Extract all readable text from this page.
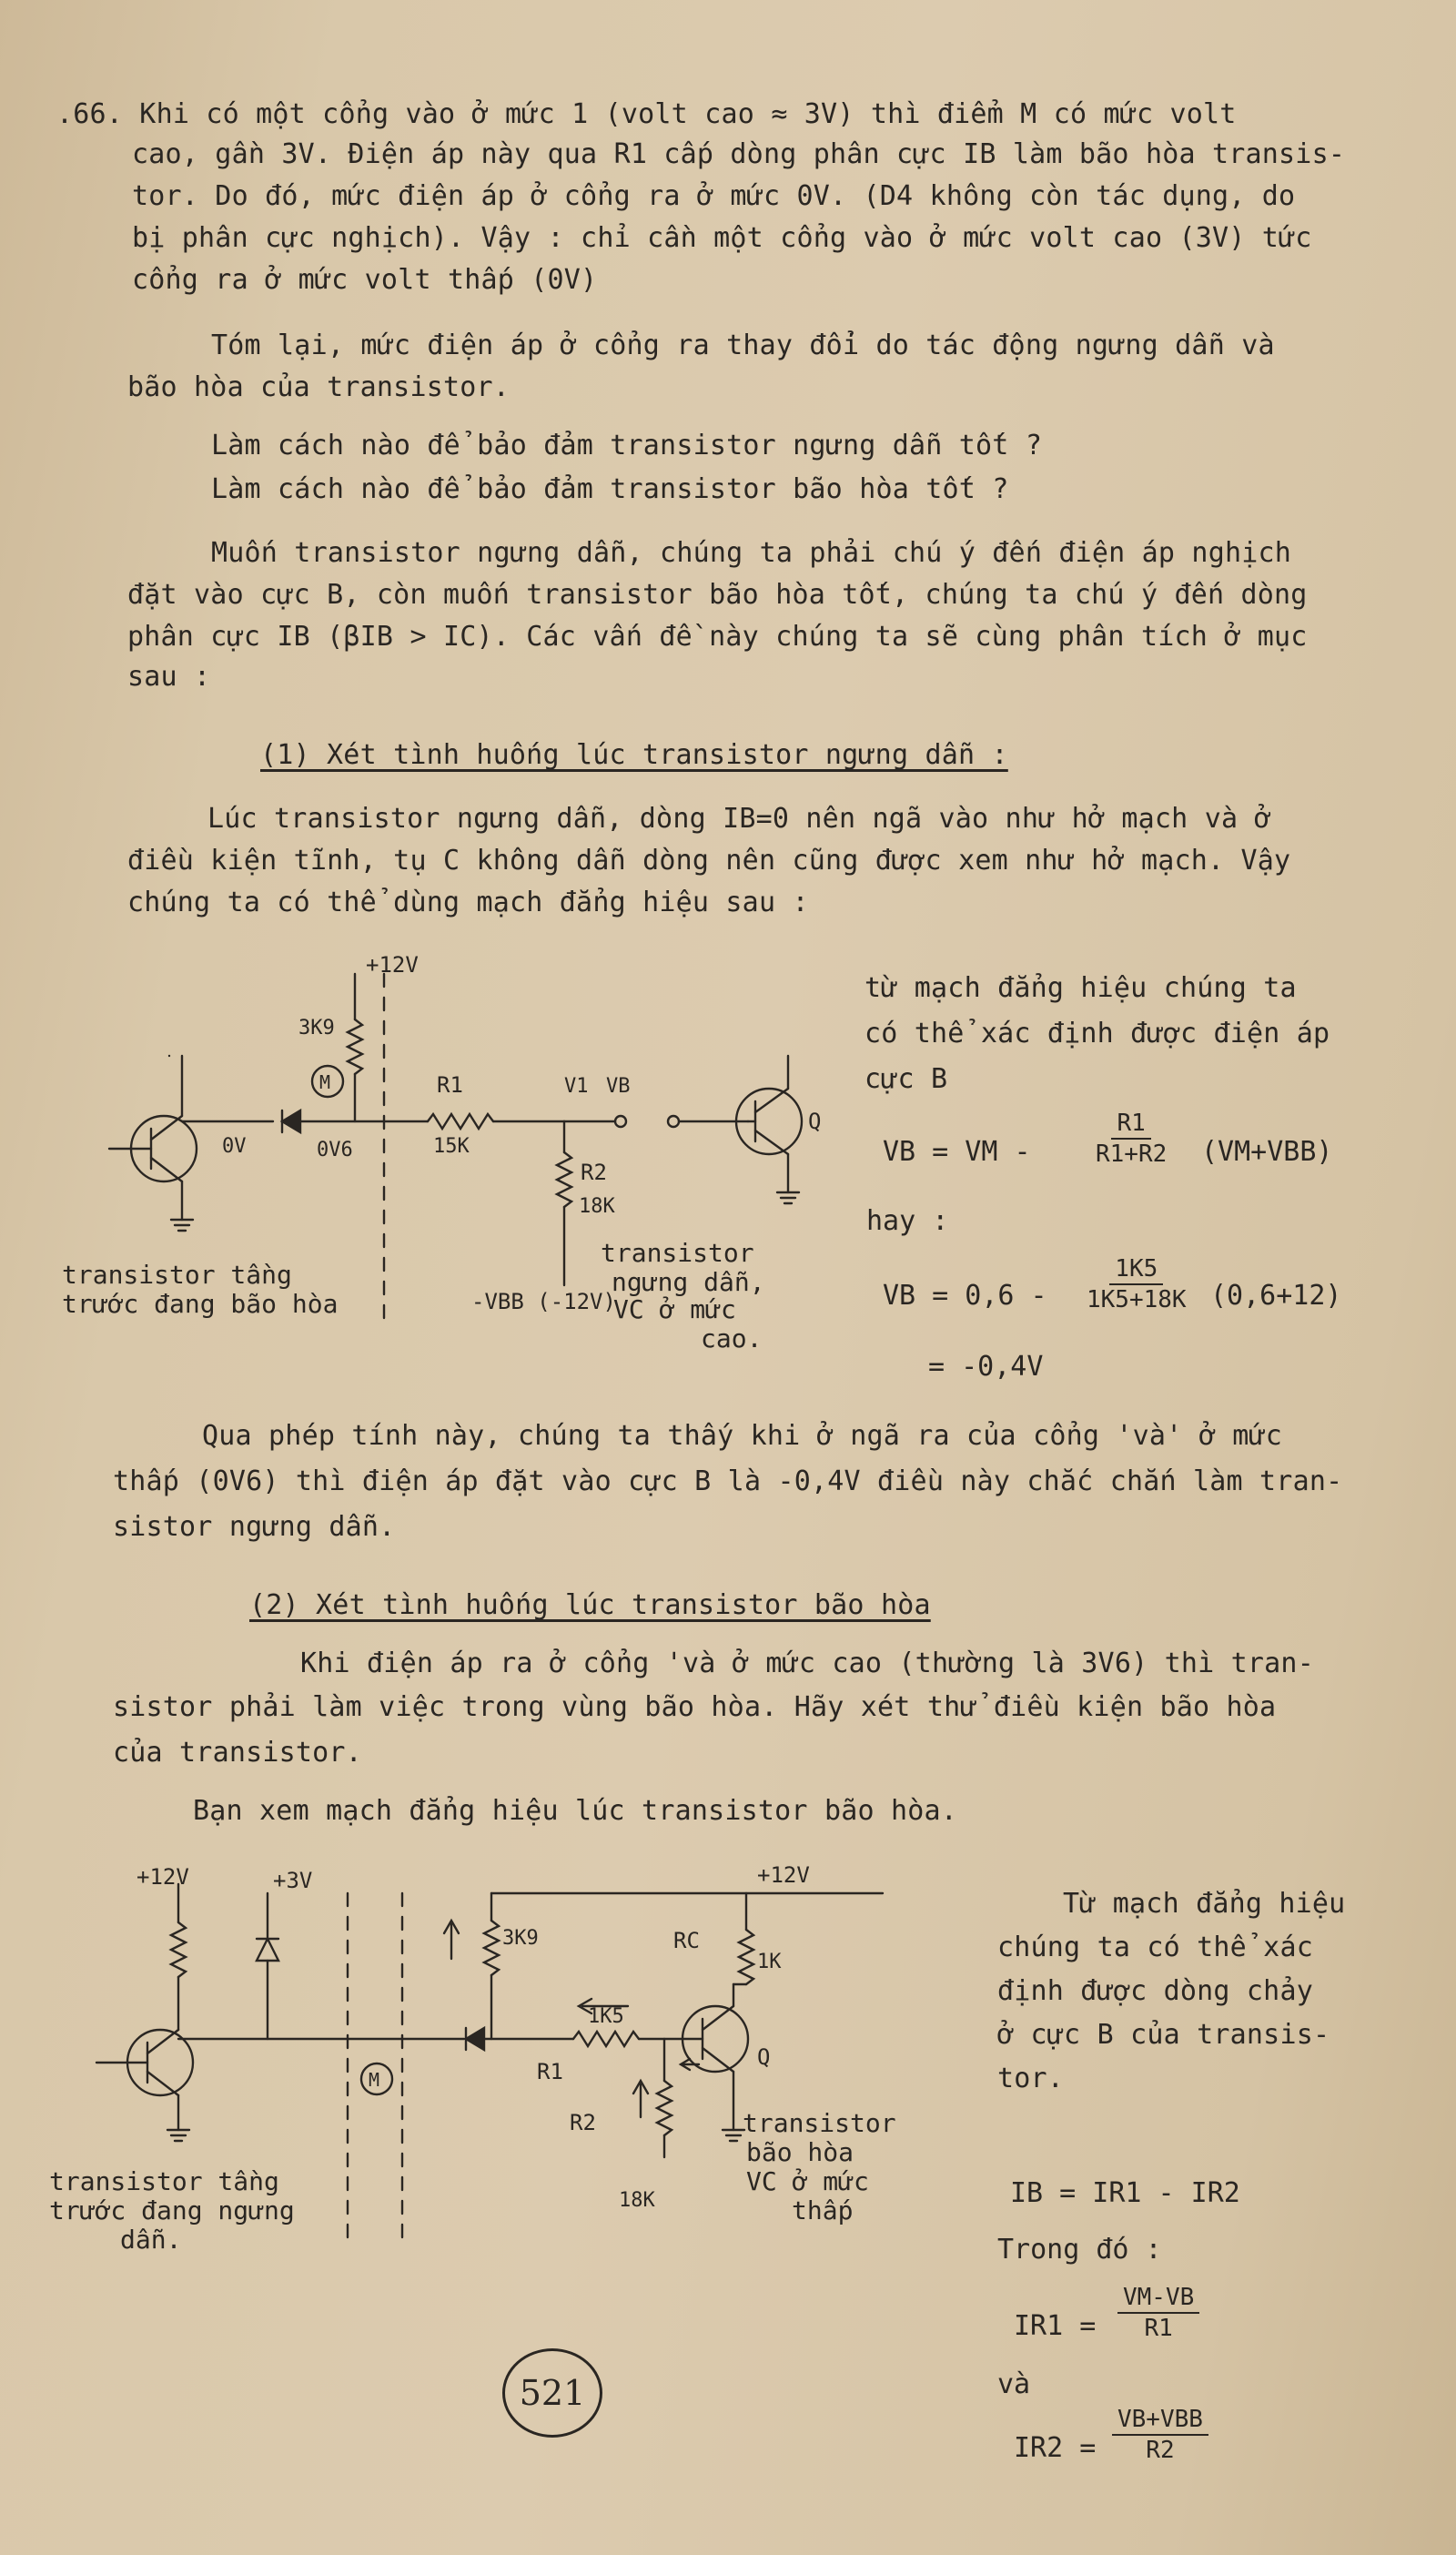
.66. Khi có một cổng vào ở mức 1 (volt cao ≈ 3V) thì điểm M có mức volt
cao, gần 3V. Điện áp này qua R1 cấp dòng phân cực IB làm bão hòa transis-
tor. Do đó, mức điện áp ở cổng ra ở mức 0V. (D4 không còn tác dụng, do
bị phân cực nghịch). Vậy : chỉ cần một cổng vào ở mức volt cao (3V) tức
cổng ra ở mức volt thấp (0V)
Tóm lại, mức điện áp ở cổng ra thay đổi do tác động ngưng dẫn và
bão hòa của transistor.
Làm cách nào để bảo đảm transistor ngưng dẫn tốt ?
Làm cách nào để bảo đảm transistor bão hòa tốt ?
Muốn transistor ngưng dẫn, chúng ta phải chú ý đến điện áp nghịch
đặt vào cực B, còn muốn transistor bão hòa tốt, chúng ta chú ý đến dòng
phân cực IB (βIB > IC). Các vấn đề này chúng ta sẽ cùng phân tích ở mục
sau :
(1) Xét tình huống lúc transistor ngưng dẫn :
Lúc transistor ngưng dẫn, dòng IB=0 nên ngã vào như hở mạch và ở
điều kiện tĩnh, tụ C không dẫn dòng nên cũng được xem như hở mạch. Vậy
chúng ta có thể dùng mạch đẳng hiệu sau :
+12V
3K9
M
0V	0V6
R1
15K
V1 VB
Q
R2
18K
-VBB (-12V)
transistor tầng
trước đang bão hòa
transistor
ngưng dẫn,
VC ở mức
cao.
từ mạch đẳng hiệu chúng ta
có thể xác định được điện áp
cực B
VB = VM -	$\frac{R1}{R1+R2} (VM+VBB)$
hay :
VB = $0,6 - \frac{1K5}{1K5+18K} (0,6+12)$
= -0,4V
Qua phép tính này, chúng ta thấy khi ở ngã ra của cổng 'và' ở mức
thấp (0V6) thì điện áp đặt vào cực B là -0,4V điều này chắc chắn làm tran-
sistor ngưng dẫn.
(2) Xét tình huống lúc transistor bão hòa
Khi điện áp ra ở cổng 'và ở mức cao (thường là 3V6) thì tran-
sistor phải làm việc trong vùng bão hòa. Hãy xét thử điều kiện bão hòa
của transistor.
Bạn xem mạch đẳng hiệu lúc transistor bão hòa.
+12V	+3V	+12V
3K9	RC
1K
1K5
R1
M
Q
R2
18K
transistor tầng
trước đang ngưng
dẫn.
transistor
bão hòa
VC ở mức
thấp
Từ mạch đẳng hiệu
chúng ta có thể xác
định được dòng chảy
ở cực B của transis-
tor.
IB = IR1 - IR2
Trong đó :
$IR1 = \frac{VM-VB}{R1}$
và
IR2 =
VB+VBB
R2
521
